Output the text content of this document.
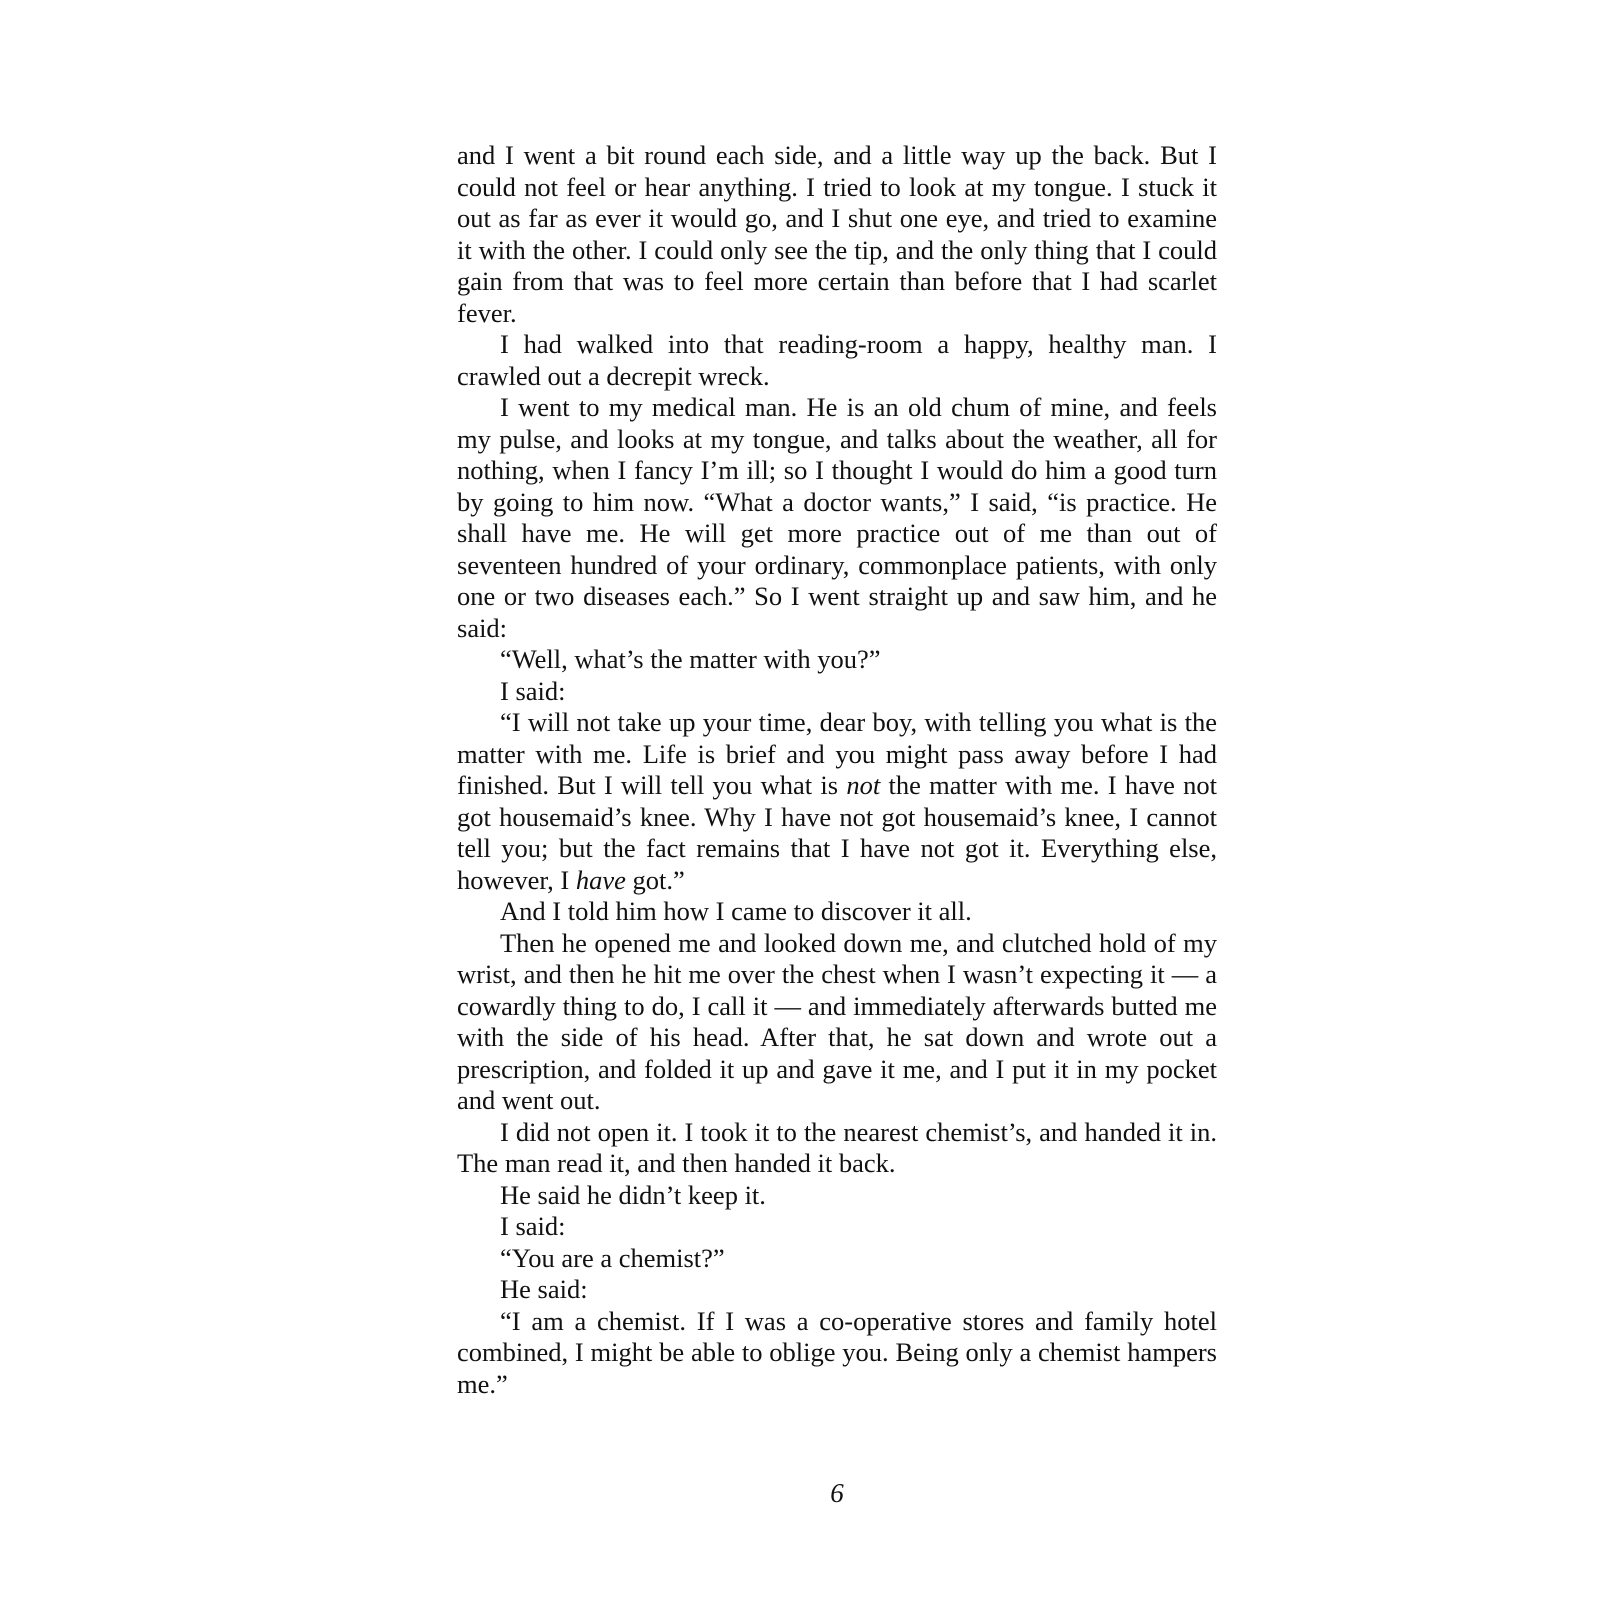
and I went a bit round each side, and a little way up the back. But I could not feel or hear anything. I tried to look at my tongue. I stuck it out as far as ever it would go, and I shut one eye, and tried to examine it with the other. I could only see the tip, and the only thing that I could gain from that was to feel more certain than before that I had scarlet fever.

I had walked into that reading-room a happy, healthy man. I crawled out a decrepit wreck.

I went to my medical man. He is an old chum of mine, and feels my pulse, and looks at my tongue, and talks about the weather, all for nothing, when I fancy I’m ill; so I thought I would do him a good turn by going to him now. “What a doctor wants,” I said, “is practice. He shall have me. He will get more practice out of me than out of seventeen hundred of your ordinary, commonplace patients, with only one or two diseases each.” So I went straight up and saw him, and he said:

“Well, what’s the matter with you?”

I said:

“I will not take up your time, dear boy, with telling you what is the matter with me. Life is brief and you might pass away before I had finished. But I will tell you what is not the matter with me. I have not got housemaid’s knee. Why I have not got housemaid’s knee, I cannot tell you; but the fact remains that I have not got it. Everything else, however, I have got.”

And I told him how I came to discover it all.

Then he opened me and looked down me, and clutched hold of my wrist, and then he hit me over the chest when I wasn’t expecting it — a cowardly thing to do, I call it — and immediately afterwards butted me with the side of his head. After that, he sat down and wrote out a prescription, and folded it up and gave it me, and I put it in my pocket and went out.

I did not open it. I took it to the nearest chemist’s, and handed it in. The man read it, and then handed it back.

He said he didn’t keep it.

I said:

“You are a chemist?”

He said:

“I am a chemist. If I was a co-operative stores and family hotel combined, I might be able to oblige you. Being only a chemist hampers me.”

6
